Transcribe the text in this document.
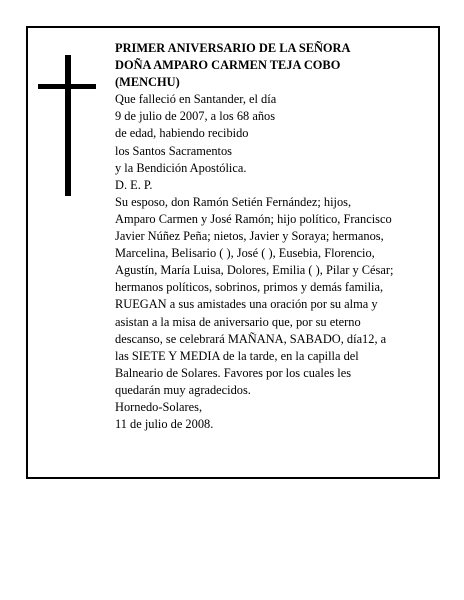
PRIMER ANIVERSARIO DE LA SEÑORA
DOÑA AMPARO CARMEN TEJA COBO
(MENCHU)
Que falleció en Santander, el día
9 de julio de 2007, a los 68 años
de edad, habiendo recibido
los Santos Sacramentos
y la Bendición Apostólica.
D. E. P.
Su esposo, don Ramón Setién Fernández; hijos,
Amparo Carmen y José Ramón; hijo político, Francisco
Javier Núñez Peña; nietos, Javier y Soraya; hermanos,
Marcelina, Belisario ( ), José ( ), Eusebia, Florencio,
Agustín, María Luisa, Dolores, Emilia ( ), Pilar y César;
hermanos políticos, sobrinos, primos y demás familia,
RUEGAN a sus amistades una oración por su alma y
asistan a la misa de aniversario que, por su eterno
descanso, se celebrará MAÑANA, SABADO, día12, a
las SIETE Y MEDIA de la tarde, en la capilla del
Balneario de Solares. Favores por los cuales les
quedarán muy agradecidos.
Hornedo-Solares,
11 de julio de 2008.
